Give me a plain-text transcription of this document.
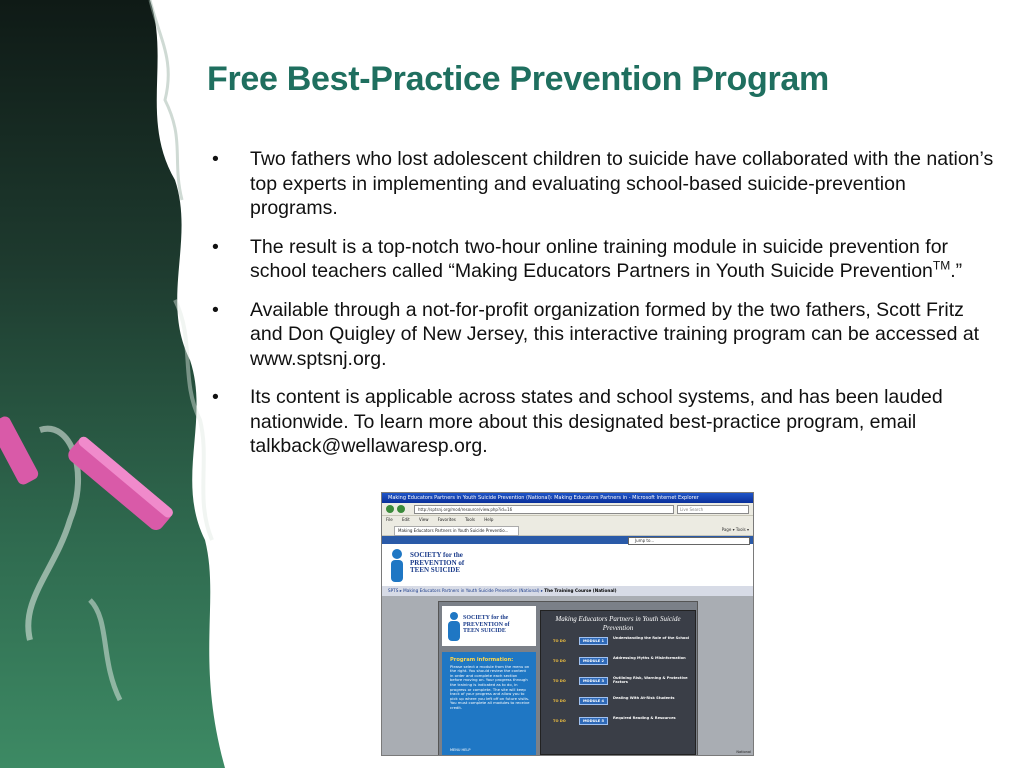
Free Best-Practice Prevention Program
• Two fathers who lost adolescent children to suicide have collaborated with the nation’s top experts in implementing and evaluating school-based suicide-prevention programs.
• The result is a top-notch two-hour online training module in suicide prevention for school teachers called “Making Educators Partners in Youth Suicide Prevention™.”
• Available through a not-for-profit organization formed by the two fathers, Scott Fritz and Don Quigley of New Jersey, this interactive training program can be accessed at www.sptsnj.org.
• Its content is applicable across states and school systems, and has been lauded nationwide. To learn more about this designated best-practice program, email talkback@wellawaresp.org.
Making Educators Partners in Youth Suicide Prevention (National): Making Educators Partners in - Microsoft Internet Explorer
http://sptsnj.org/mod/resource/view.php?id=16	Live Search
File Edit View Favorites Tools Help
Making Educators Partners in Youth Suicide Preventio...	Page ▾ Tools ▾
Jump to...
SOCIETY for the
PREVENTION of
TEEN SUICIDE
SPTS ▸ Making Educators Partners in Youth Suicide Prevention (National) ▸ The Training Course (National)
SOCIETY for the
PREVENTION of
TEEN SUICIDE
Program information:
Please select a module from the menu on the right. You should review the content in order and complete each section before moving on. Your progress through the training is indicated as to do, in progress or complete. The site will keep track of your progress and allow you to pick up where you left off on future visits. You must complete all modules to receive credit.
MENU HELP
Making Educators Partners in Youth Suicide Prevention
TO DO	MODULE 1
Understanding the Role of the School
TO DO	MODULE 2
Addressing Myths & Misinformation
TO DO	MODULE 3
Outlining Risk, Warning & Protective Factors
TO DO	MODULE 4
Dealing With At-Risk Students
TO DO	MODULE 5
Required Reading & Resources
National
